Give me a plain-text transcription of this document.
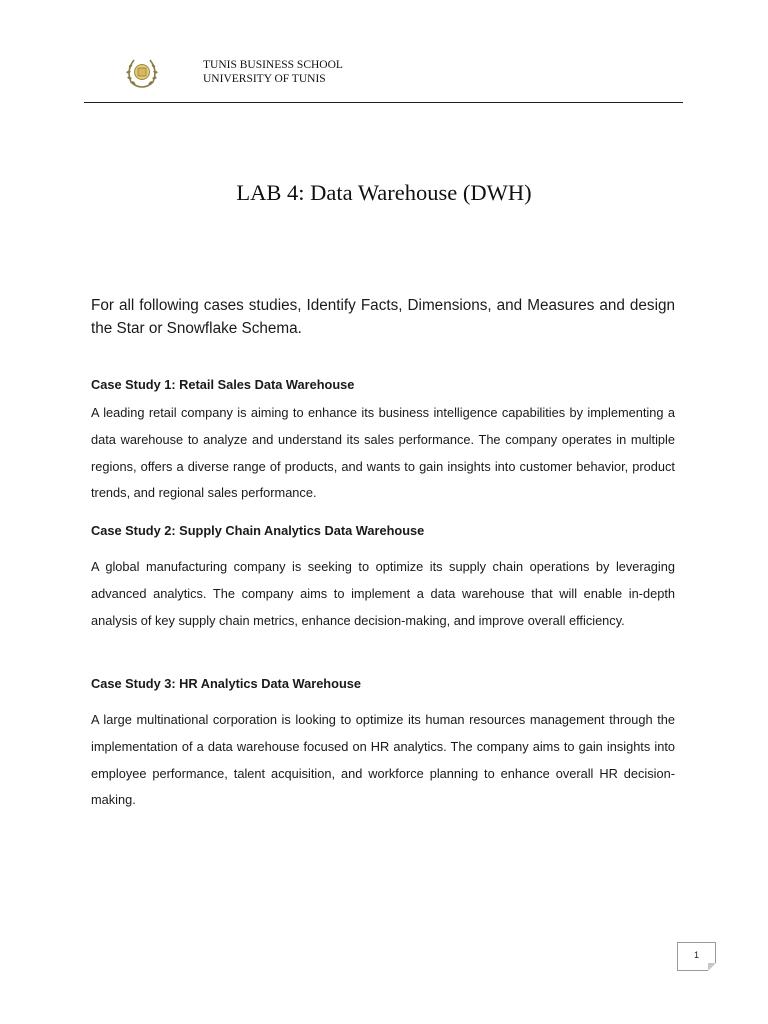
TUNIS BUSINESS SCHOOL
UNIVERSITY OF TUNIS
LAB 4: Data Warehouse (DWH)
For all following cases studies, Identify Facts, Dimensions, and Measures and design the Star or Snowflake Schema.
Case Study 1: Retail Sales Data Warehouse
A leading retail company is aiming to enhance its business intelligence capabilities by implementing a data warehouse to analyze and understand its sales performance. The company operates in multiple regions, offers a diverse range of products, and wants to gain insights into customer behavior, product trends, and regional sales performance.
Case Study 2: Supply Chain Analytics Data Warehouse
A global manufacturing company is seeking to optimize its supply chain operations by leveraging advanced analytics. The company aims to implement a data warehouse that will enable in-depth analysis of key supply chain metrics, enhance decision-making, and improve overall efficiency.
Case Study 3: HR Analytics Data Warehouse
A large multinational corporation is looking to optimize its human resources management through the implementation of a data warehouse focused on HR analytics. The company aims to gain insights into employee performance, talent acquisition, and workforce planning to enhance overall HR decision-making.
1
